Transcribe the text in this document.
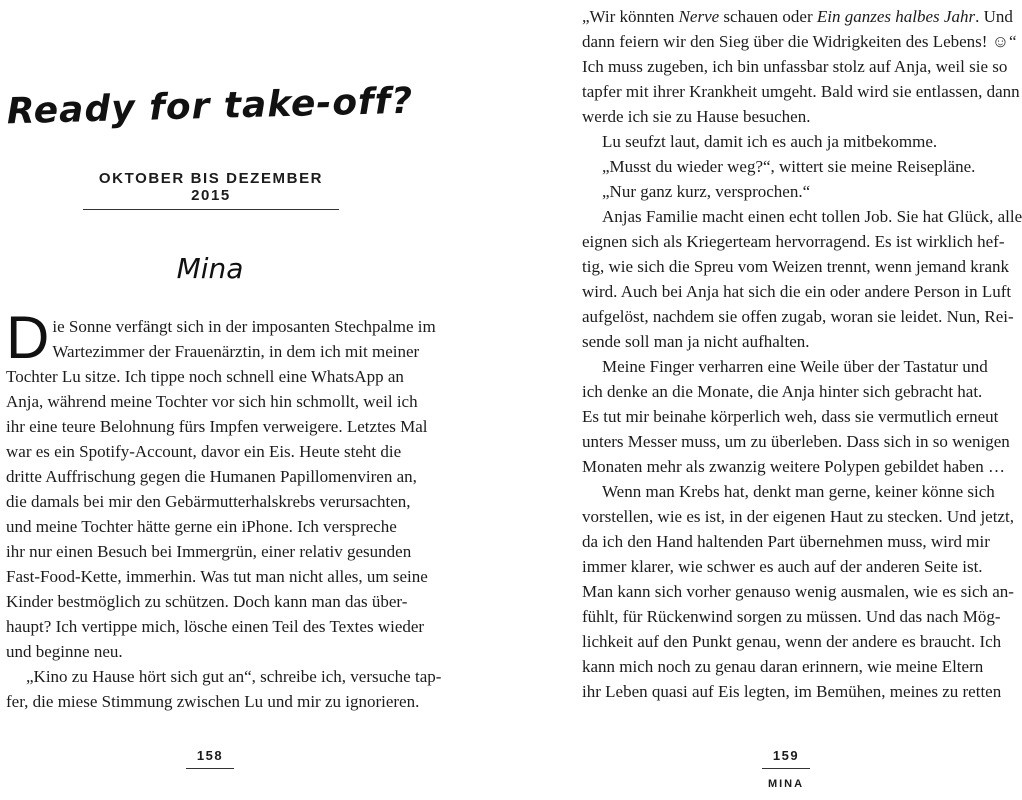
Ready for take-off?
OKTOBER BIS DEZEMBER 2015
Mina
D ie Sonne verfängt sich in der imposanten Stechpalme im
Wartezimmer der Frauenärztin, in dem ich mit meiner
Tochter Lu sitze. Ich tippe noch schnell eine WhatsApp an
Anja, während meine Tochter vor sich hin schmollt, weil ich
ihr eine teure Belohnung fürs Impfen verweigere. Letztes Mal
war es ein Spotify-Account, davor ein Eis. Heute steht die
dritte Auffrischung gegen die Humanen Papillomenviren an,
die damals bei mir den Gebärmutterhalskrebs verursachten,
und meine Tochter hätte gerne ein iPhone. Ich verspreche
ihr nur einen Besuch bei Immergrün, einer relativ gesunden
Fast-Food-Kette, immerhin. Was tut man nicht alles, um seine
Kinder bestmöglich zu schützen. Doch kann man das über-
haupt? Ich vertippe mich, lösche einen Teil des Textes wieder
und beginne neu.
„Kino zu Hause hört sich gut an“, schreibe ich, versuche tap-
fer, die miese Stimmung zwischen Lu und mir zu ignorieren.
158
„Wir könnten Nerve schauen oder Ein ganzes halbes Jahr. Und
dann feiern wir den Sieg über die Widrigkeiten des Lebens! ☺“
Ich muss zugeben, ich bin unfassbar stolz auf Anja, weil sie so
tapfer mit ihrer Krankheit umgeht. Bald wird sie entlassen, dann
werde ich sie zu Hause besuchen.
Lu seufzt laut, damit ich es auch ja mitbekomme.
„Musst du wieder weg?“, wittert sie meine Reisepläne.
„Nur ganz kurz, versprochen.“
Anjas Familie macht einen echt tollen Job. Sie hat Glück, alle
eignen sich als Kriegerteam hervorragend. Es ist wirklich hef-
tig, wie sich die Spreu vom Weizen trennt, wenn jemand krank
wird. Auch bei Anja hat sich die ein oder andere Person in Luft
aufgelöst, nachdem sie offen zugab, woran sie leidet. Nun, Rei-
sende soll man ja nicht aufhalten.
Meine Finger verharren eine Weile über der Tastatur und
ich denke an die Monate, die Anja hinter sich gebracht hat.
Es tut mir beinahe körperlich weh, dass sie vermutlich erneut
unters Messer muss, um zu überleben. Dass sich in so wenigen
Monaten mehr als zwanzig weitere Polypen gebildet haben …
Wenn man Krebs hat, denkt man gerne, keiner könne sich
vorstellen, wie es ist, in der eigenen Haut zu stecken. Und jetzt,
da ich den Hand haltenden Part übernehmen muss, wird mir
immer klarer, wie schwer es auch auf der anderen Seite ist.
Man kann sich vorher genauso wenig ausmalen, wie es sich an-
fühlt, für Rückenwind sorgen zu müssen. Und das nach Mög-
lichkeit auf den Punkt genau, wenn der andere es braucht. Ich
kann mich noch zu genau daran erinnern, wie meine Eltern
ihr Leben quasi auf Eis legten, im Bemühen, meines zu retten
159
MINA
